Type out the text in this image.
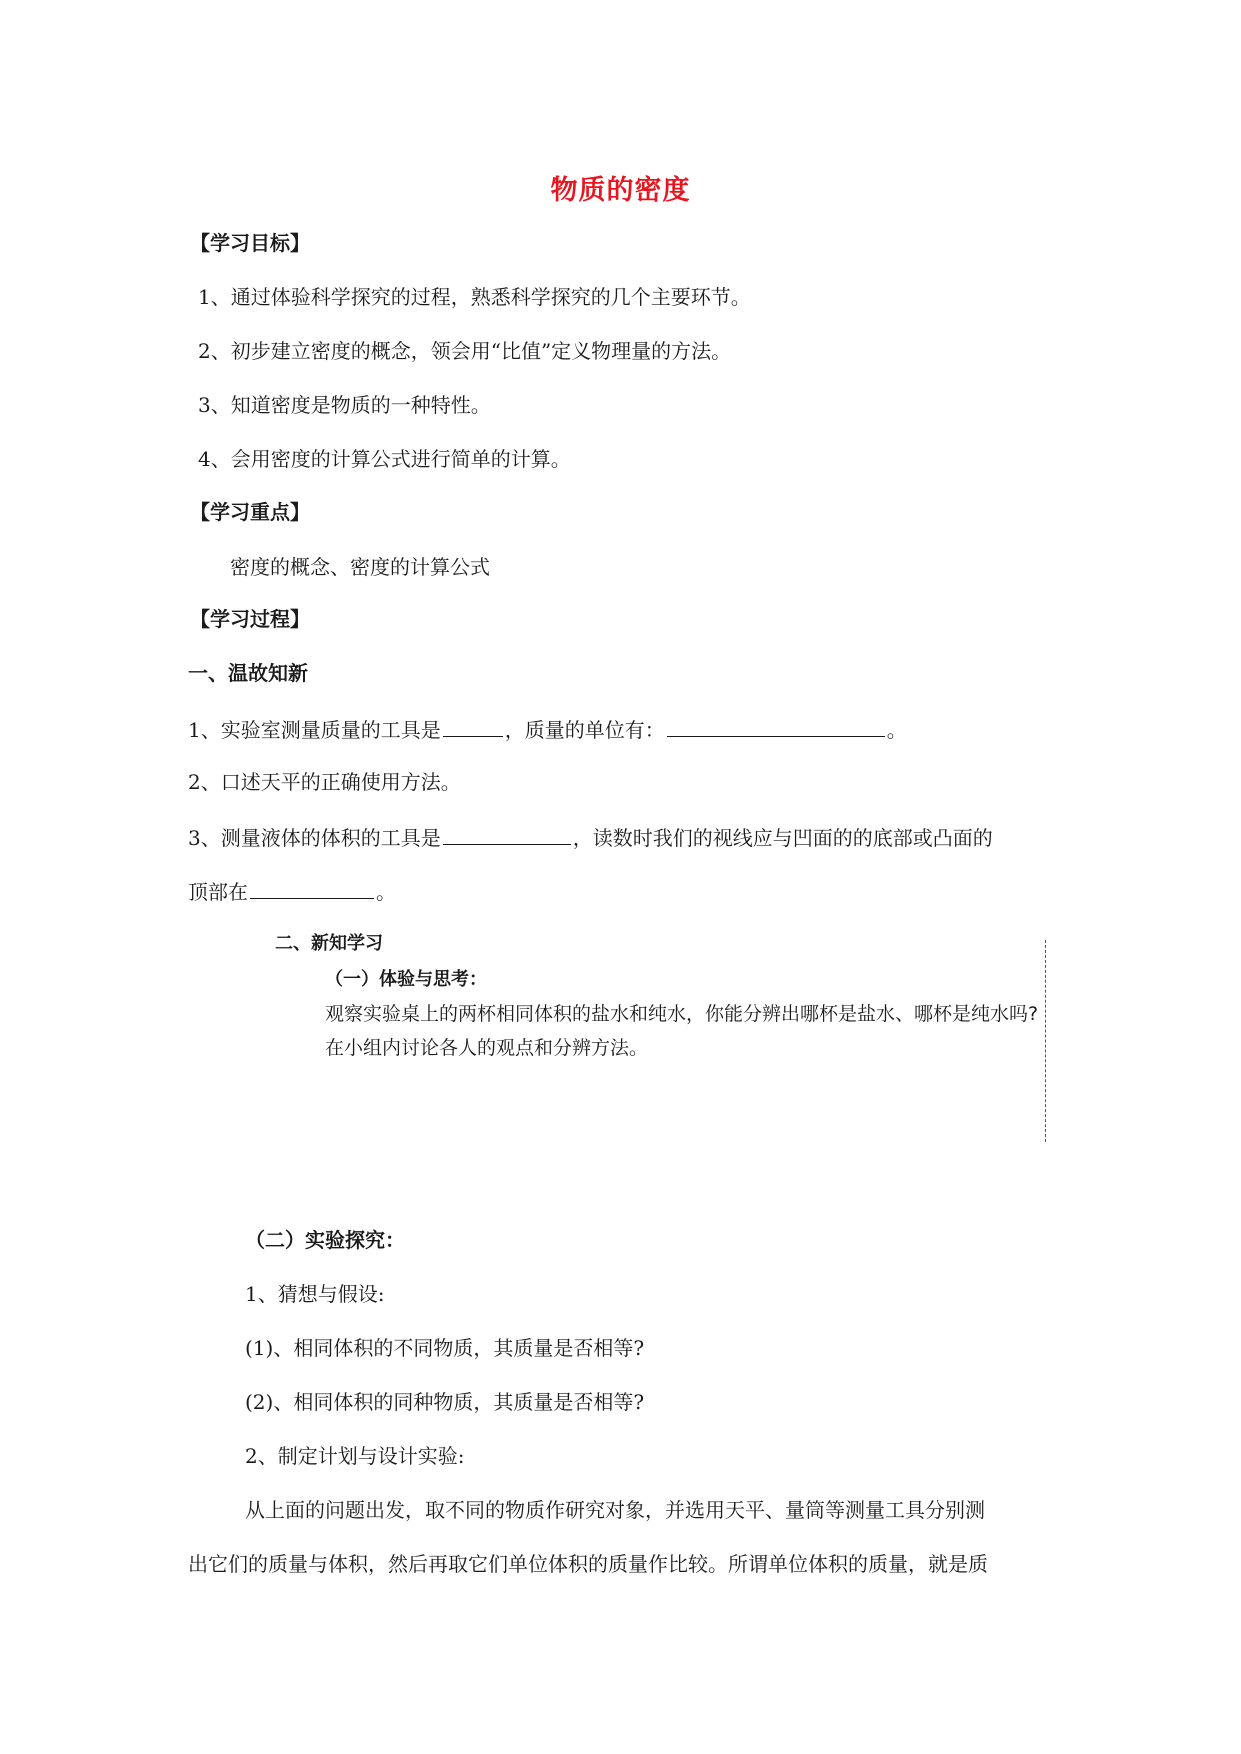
物质的密度
【学习目标】
1、通过体验科学探究的过程，熟悉科学探究的几个主要环节。
2、初步建立密度的概念，领会用“比值”定义物理量的方法。
3、知道密度是物质的一种特性。
4、会用密度的计算公式进行简单的计算。
【学习重点】
密度的概念、密度的计算公式
【学习过程】
一、温故知新
1、实验室测量质量的工具是	，质量的单位有：	。
2、口述天平的正确使用方法。
3、测量液体的体积的工具是	，读数时我们的视线应与凹面的的底部或凸面的
顶部在	。
二、新知学习
（一）体验与思考：
观察实验桌上的两杯相同体积的盐水和纯水，你能分辨出哪杯是盐水、哪杯是纯水吗?
在小组内讨论各人的观点和分辨方法。
（二）实验探究：
1、猜想与假设:
(1)、相同体积的不同物质，其质量是否相等?
(2)、相同体积的同种物质，其质量是否相等?
2、制定计划与设计实验:
从上面的问题出发，取不同的物质作研究对象，并选用天平、量筒等测量工具分别测
出它们的质量与体积，然后再取它们单位体积的质量作比较。所谓单位体积的质量，就是质
